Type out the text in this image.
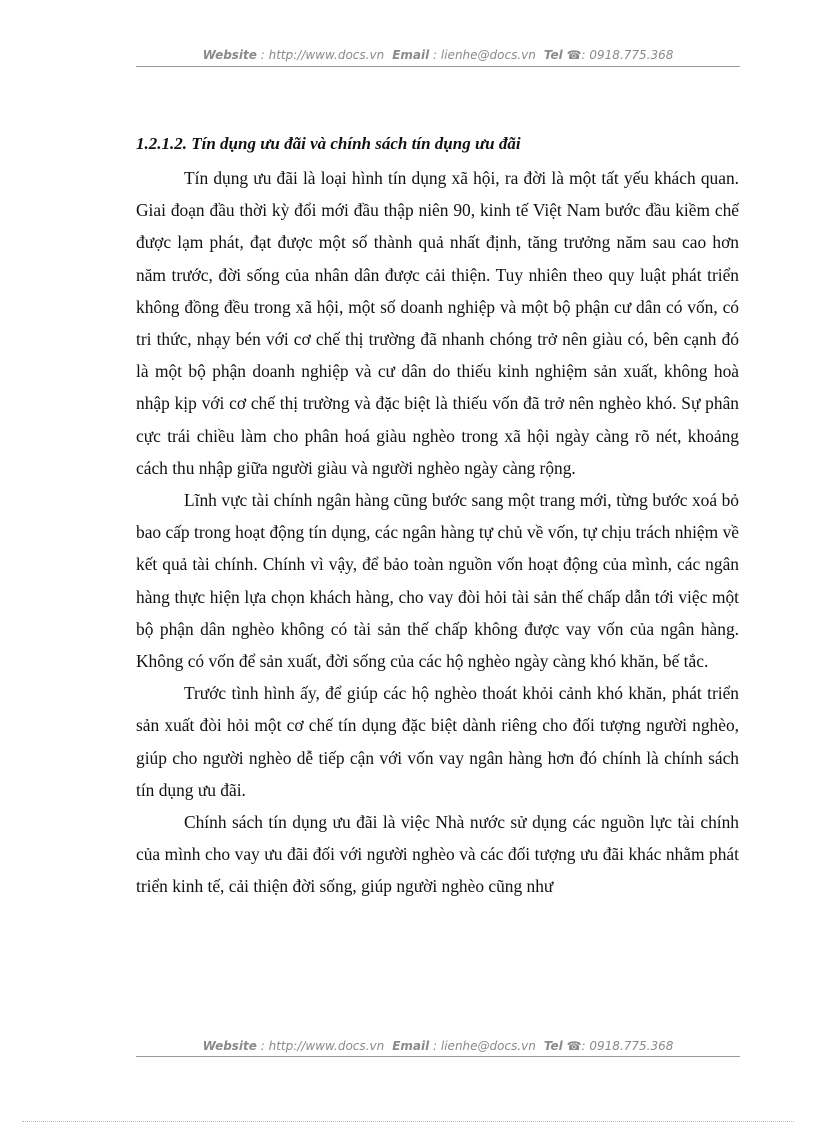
Website : http://www.docs.vn Email : lienhe@docs.vn Tel ☎: 0918.775.368
1.2.1.2. Tín dụng ưu đãi và chính sách tín dụng ưu đãi

Tín dụng ưu đãi là loại hình tín dụng xã hội, ra đời là một tất yếu khách quan. Giai đoạn đầu thời kỳ đổi mới đầu thập niên 90, kinh tế Việt Nam bước đầu kiềm chế được lạm phát, đạt được một số thành quả nhất định, tăng trưởng năm sau cao hơn năm trước, đời sống của nhân dân được cải thiện. Tuy nhiên theo quy luật phát triển không đồng đều trong xã hội, một số doanh nghiệp và một bộ phận cư dân có vốn, có tri thức, nhạy bén với cơ chế thị trường đã nhanh chóng trở nên giàu có, bên cạnh đó là một bộ phận doanh nghiệp và cư dân do thiếu kinh nghiệm sản xuất, không hoà nhập kịp với cơ chế thị trường và đặc biệt là thiếu vốn đã trở nên nghèo khó. Sự phân cực trái chiều làm cho phân hoá giàu nghèo trong xã hội ngày càng rõ nét, khoảng cách thu nhập giữa người giàu và người nghèo ngày càng rộng.

Lĩnh vực tài chính ngân hàng cũng bước sang một trang mới, từng bước xoá bỏ bao cấp trong hoạt động tín dụng, các ngân hàng tự chủ về vốn, tự chịu trách nhiệm về kết quả tài chính. Chính vì vậy, để bảo toàn nguồn vốn hoạt động của mình, các ngân hàng thực hiện lựa chọn khách hàng, cho vay đòi hỏi tài sản thế chấp dẫn tới việc một bộ phận dân nghèo không có tài sản thế chấp không được vay vốn của ngân hàng. Không có vốn để sản xuất, đời sống của các hộ nghèo ngày càng khó khăn, bế tắc.

Trước tình hình ấy, để giúp các hộ nghèo thoát khỏi cảnh khó khăn, phát triển sản xuất đòi hỏi một cơ chế tín dụng đặc biệt dành riêng cho đối tượng người nghèo, giúp cho người nghèo dễ tiếp cận với vốn vay ngân hàng hơn đó chính là chính sách tín dụng ưu đãi.

Chính sách tín dụng ưu đãi là việc Nhà nước sử dụng các nguồn lực tài chính của mình cho vay ưu đãi đối với người nghèo và các đối tượng ưu đãi khác nhằm phát triển kinh tế, cải thiện đời sống, giúp người nghèo cũng như

Website : http://www.docs.vn Email : lienhe@docs.vn Tel ☎: 0918.775.368
